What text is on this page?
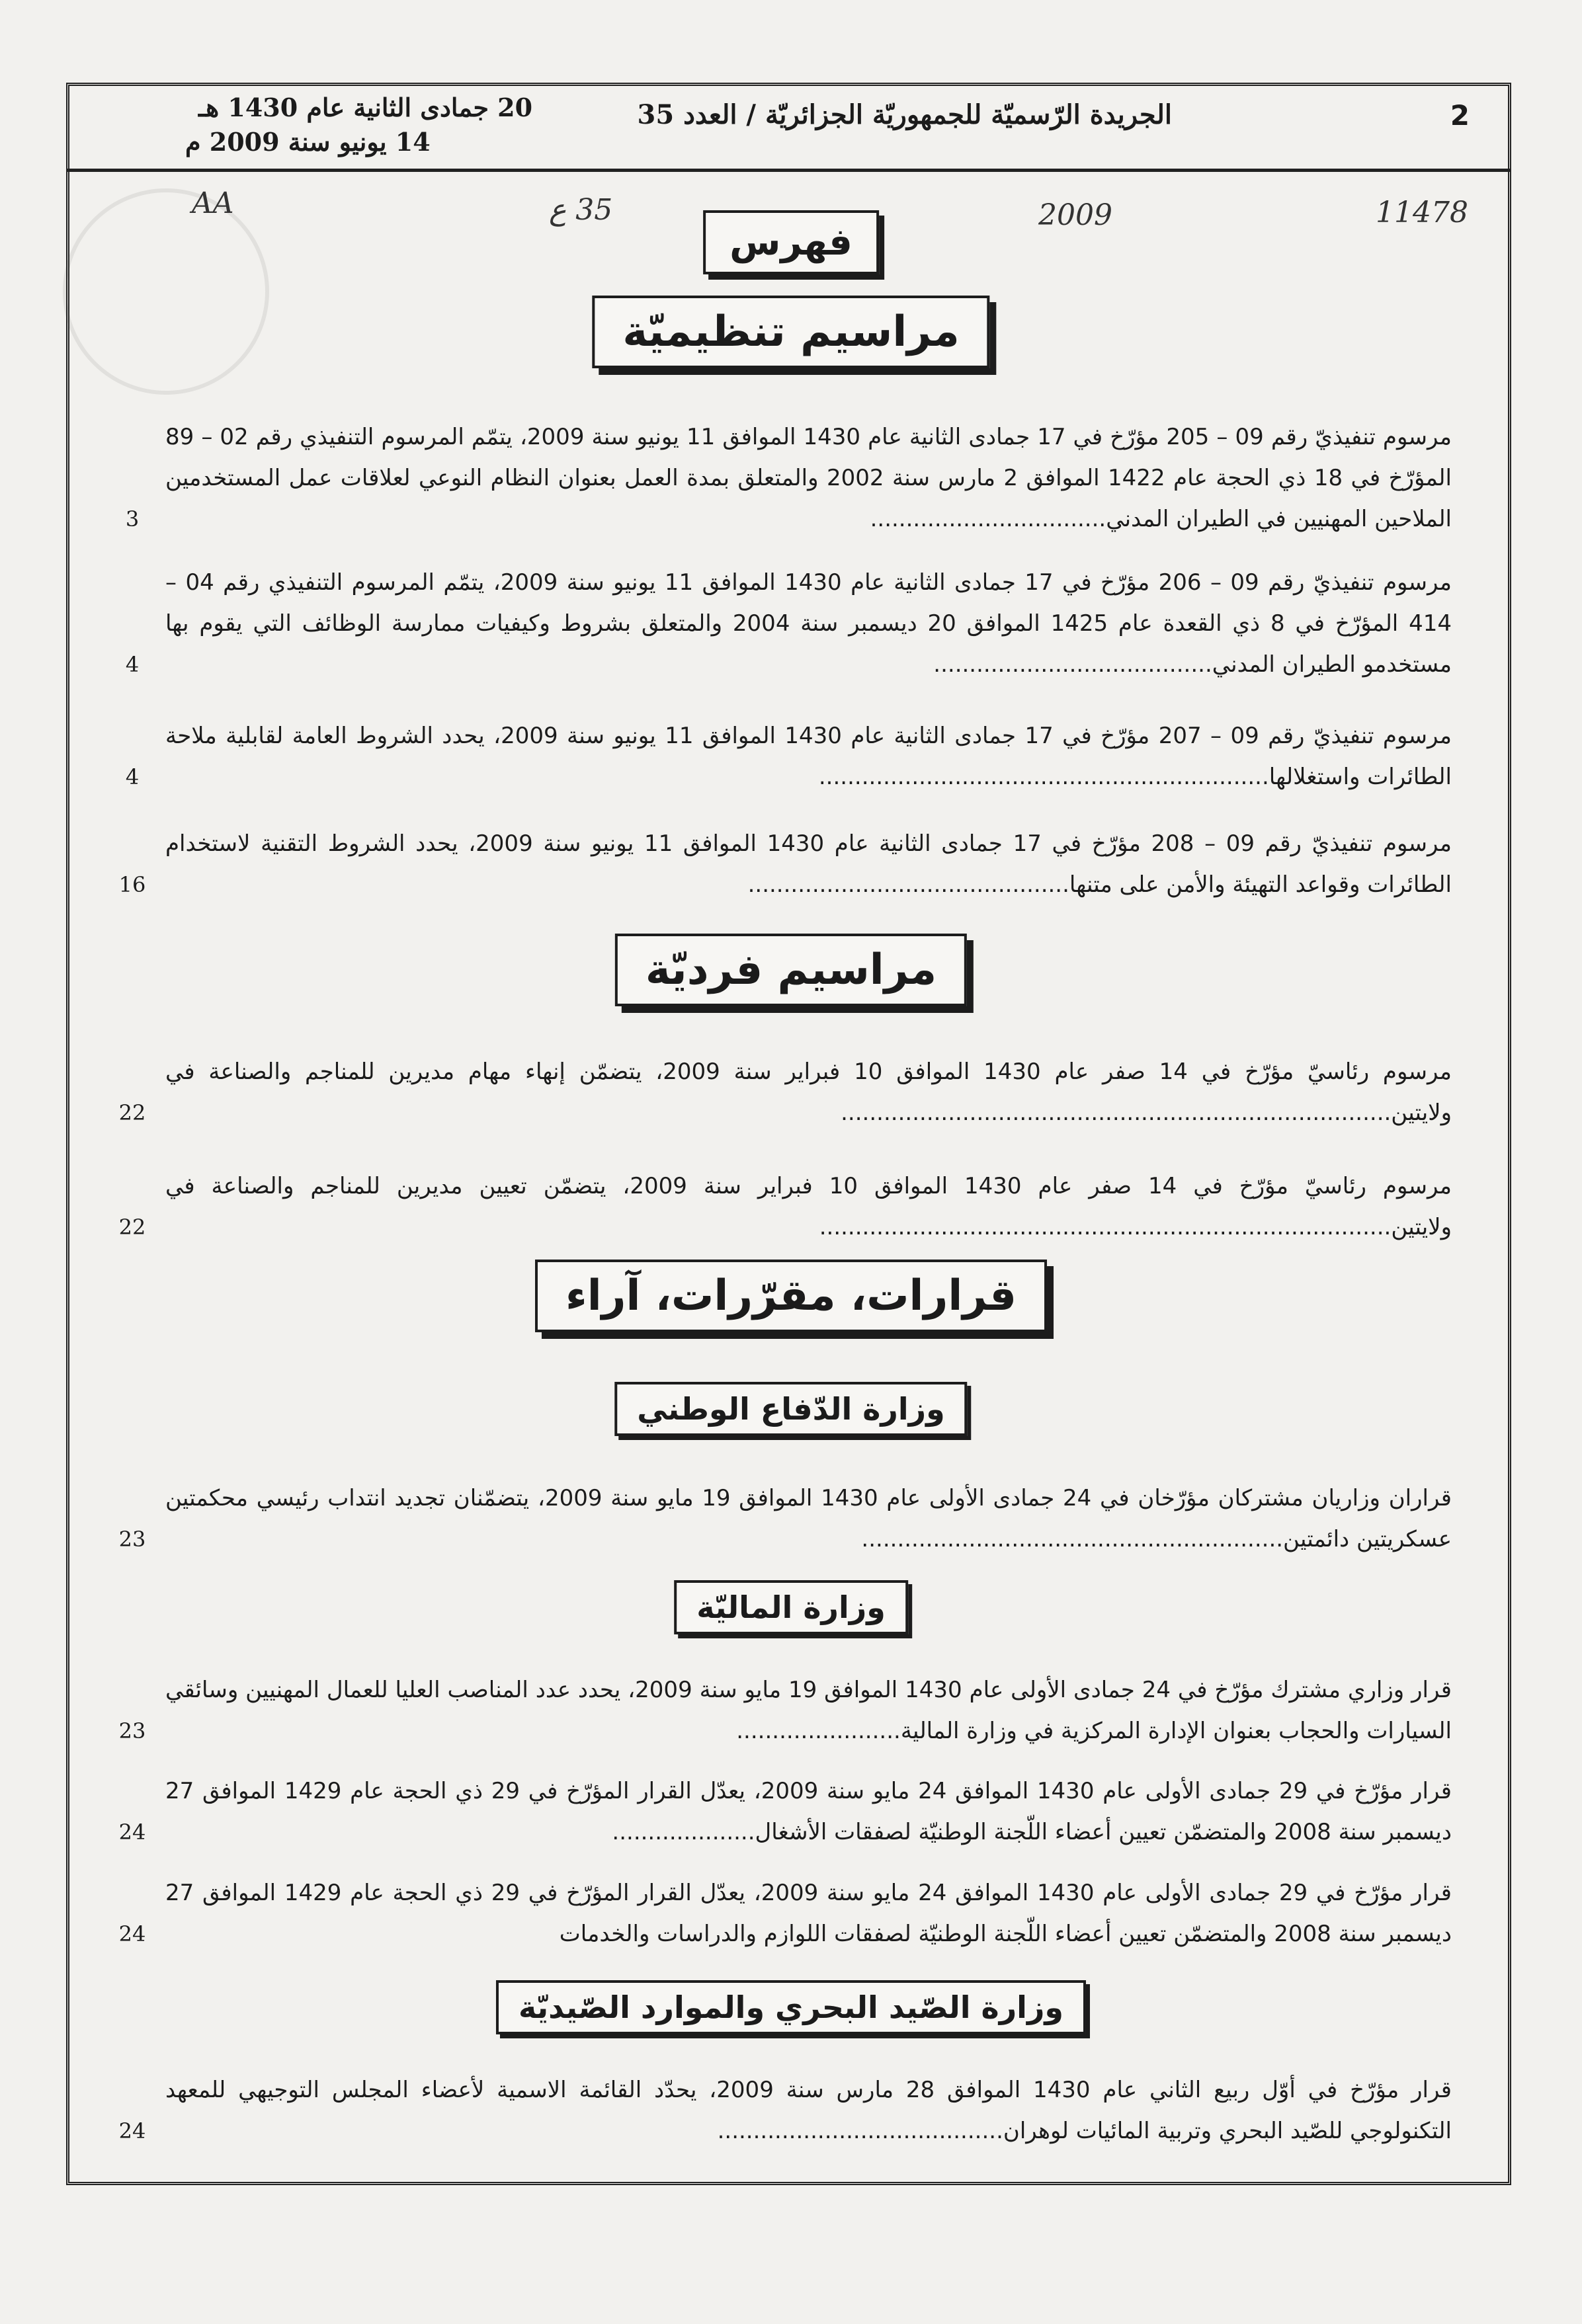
2
الجريدة الرّسميّة للجمهوريّة الجزائريّة / العدد 35
20 جمادى الثانية عام 1430 هـ
14 يونيو سنة 2009 م
AA	35 ع	2009	11478
فهرس
مراسيم تنظيميّة
مرسوم تنفيذيّ رقم 09 – 205 مؤرّخ في 17 جمادى الثانية عام 1430 الموافق 11 يونيو سنة 2009، يتمّم المرسوم التنفيذي رقم 02 – 89 المؤرّخ في 18 ذي الحجة عام 1422 الموافق 2 مارس سنة 2002 والمتعلق بمدة العمل بعنوان النظام النوعي لعلاقات عمل المستخدمين الملاحين المهنيين في الطيران المدني.................................
3
مرسوم تنفيذيّ رقم 09 – 206 مؤرّخ في 17 جمادى الثانية عام 1430 الموافق 11 يونيو سنة 2009، يتمّم المرسوم التنفيذي رقم 04 – 414 المؤرّخ في 8 ذي القعدة عام 1425 الموافق 20 ديسمبر سنة 2004 والمتعلق بشروط وكيفيات ممارسة الوظائف التي يقوم بها مستخدمو الطيران المدني.......................................
4
مرسوم تنفيذيّ رقم 09 – 207 مؤرّخ في 17 جمادى الثانية عام 1430 الموافق 11 يونيو سنة 2009، يحدد الشروط العامة لقابلية ملاحة الطائرات واستغلالها...............................................................
4
مرسوم تنفيذيّ رقم 09 – 208 مؤرّخ في 17 جمادى الثانية عام 1430 الموافق 11 يونيو سنة 2009، يحدد الشروط التقنية لاستخدام الطائرات وقواعد التهيئة والأمن على متنها.............................................
16
مراسيم فرديّة
مرسوم رئاسيّ مؤرّخ في 14 صفر عام 1430 الموافق 10 فبراير سنة 2009، يتضمّن إنهاء مهام مديرين للمناجم والصناعة في ولايتين.............................................................................
22
مرسوم رئاسيّ مؤرّخ في 14 صفر عام 1430 الموافق 10 فبراير سنة 2009، يتضمّن تعيين مديرين للمناجم والصناعة في ولايتين................................................................................
22
قرارات، مقرّرات، آراء
وزارة الدّفاع الوطني
قراران وزاريان مشتركان مؤرّخان في 24 جمادى الأولى عام 1430 الموافق 19 مايو سنة 2009، يتضمّنان تجديد انتداب رئيسي محكمتين عسكريتين دائمتين...........................................................
23
وزارة الماليّة
قرار وزاري مشترك مؤرّخ في 24 جمادى الأولى عام 1430 الموافق 19 مايو سنة 2009، يحدد عدد المناصب العليا للعمال المهنيين وسائقي السيارات والحجاب بعنوان الإدارة المركزية في وزارة المالية.......................
23
قرار مؤرّخ في 29 جمادى الأولى عام 1430 الموافق 24 مايو سنة 2009، يعدّل القرار المؤرّخ في 29 ذي الحجة عام 1429 الموافق 27 ديسمبر سنة 2008 والمتضمّن تعيين أعضاء اللّجنة الوطنيّة لصفقات الأشغال....................
24
قرار مؤرّخ في 29 جمادى الأولى عام 1430 الموافق 24 مايو سنة 2009، يعدّل القرار المؤرّخ في 29 ذي الحجة عام 1429 الموافق 27 ديسمبر سنة 2008 والمتضمّن تعيين أعضاء اللّجنة الوطنيّة لصفقات اللوازم والدراسات والخدمات
24
وزارة الصّيد البحري والموارد الصّيديّة
قرار مؤرّخ في أوّل ربيع الثاني عام 1430 الموافق 28 مارس سنة 2009، يحدّد القائمة الاسمية لأعضاء المجلس التوجيهي للمعهد التكنولوجي للصّيد البحري وتربية المائيات لوهران........................................
24
